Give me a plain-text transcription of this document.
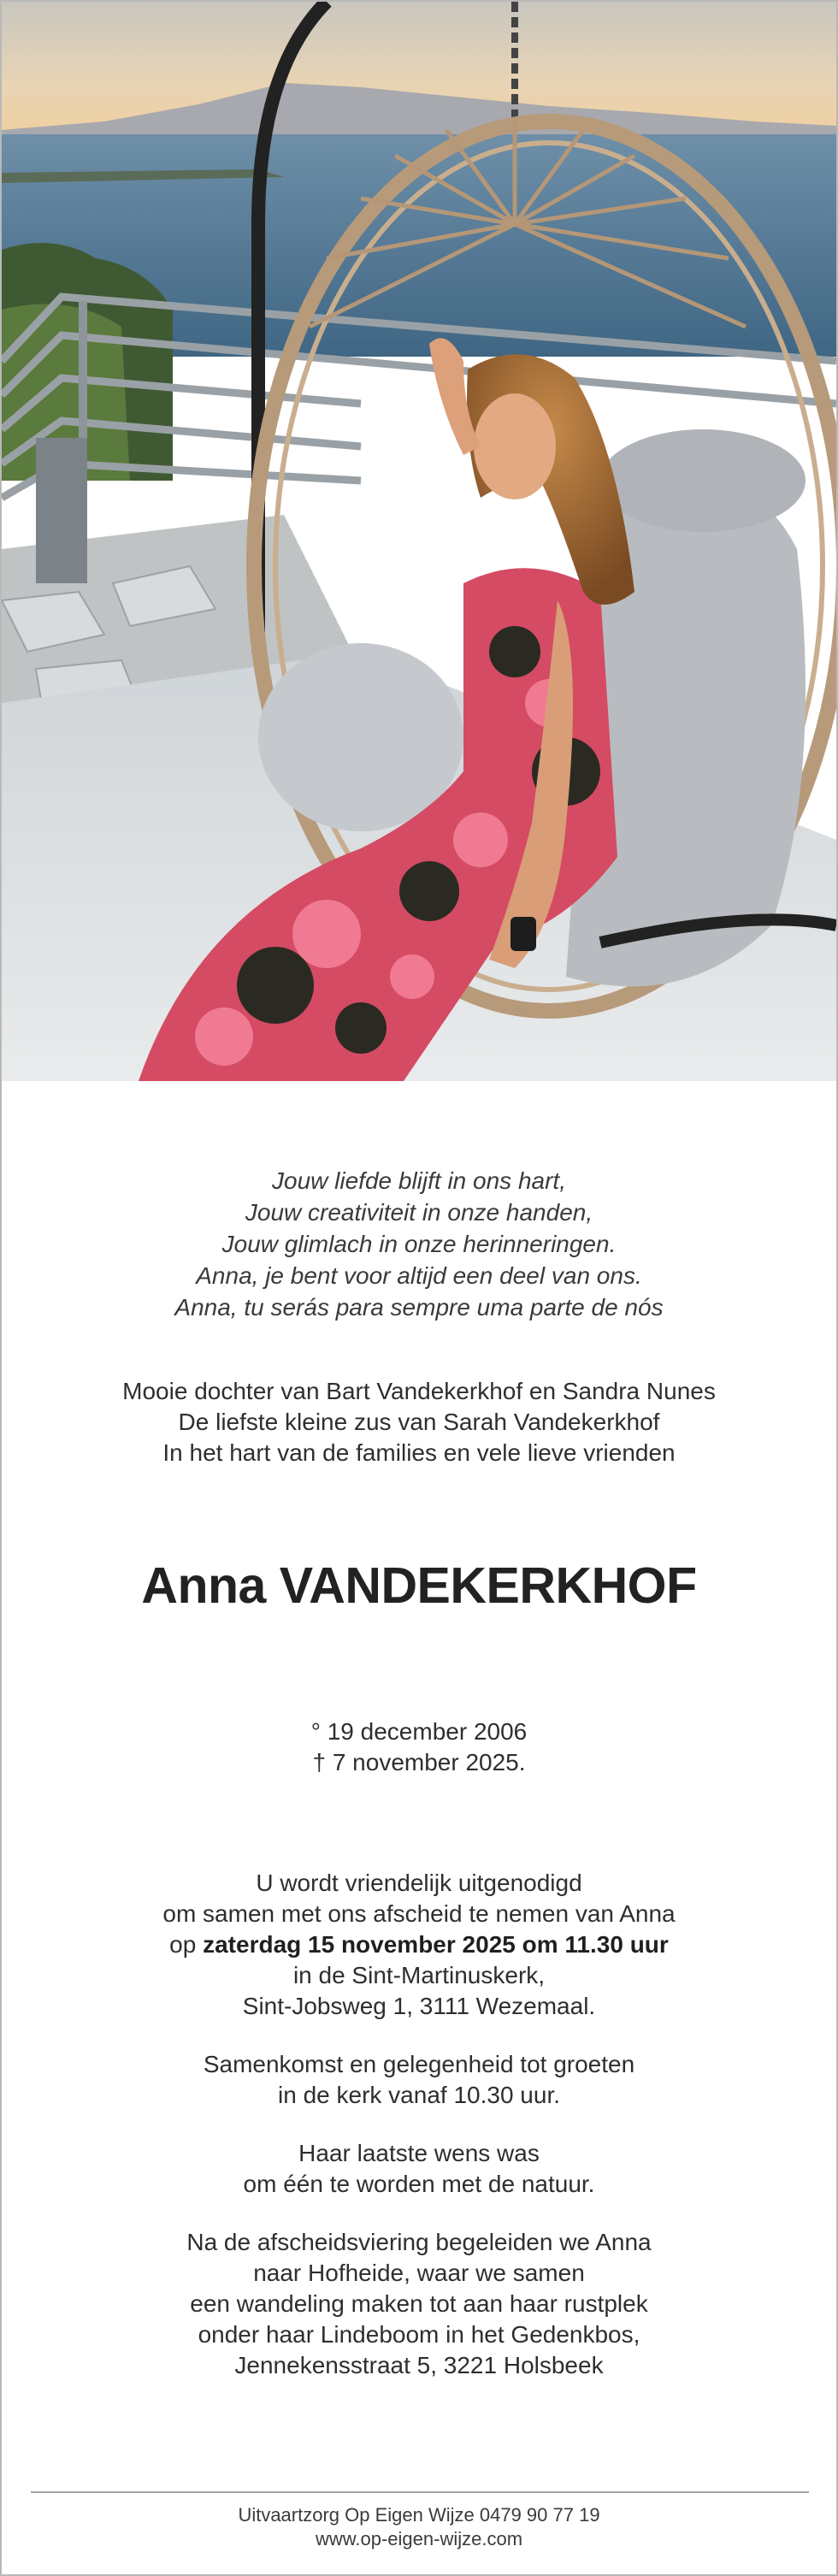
Jouw liefde blijft in ons hart,
Jouw creativiteit in onze handen,
Jouw glimlach in onze herinneringen.
Anna, je bent voor altijd een deel van ons.
Anna, tu serás para sempre uma parte de nós
Mooie dochter van Bart Vandekerkhof en Sandra Nunes
De liefste kleine zus van Sarah Vandekerkhof
In het hart van de families en vele lieve vrienden
Anna VANDEKERKHOF
° 19 december 2006
† 7 november 2025.

U wordt vriendelijk uitgenodigd
om samen met ons afscheid te nemen van Anna
op zaterdag 15 november 2025 om 11.30 uur
in de Sint-Martinuskerk,
Sint-Jobsweg 1, 3111 Wezemaal.

Samenkomst en gelegenheid tot groeten
in de kerk vanaf 10.30 uur.

Haar laatste wens was
om één te worden met de natuur.

Na de afscheidsviering begeleiden we Anna
naar Hofheide, waar we samen
een wandeling maken tot aan haar rustplek
onder haar Lindeboom in het Gedenkbos,
Jennekensstraat 5, 3221 Holsbeek

Uitvaartzorg Op Eigen Wijze 0479 90 77 19
www.op-eigen-wijze.com
